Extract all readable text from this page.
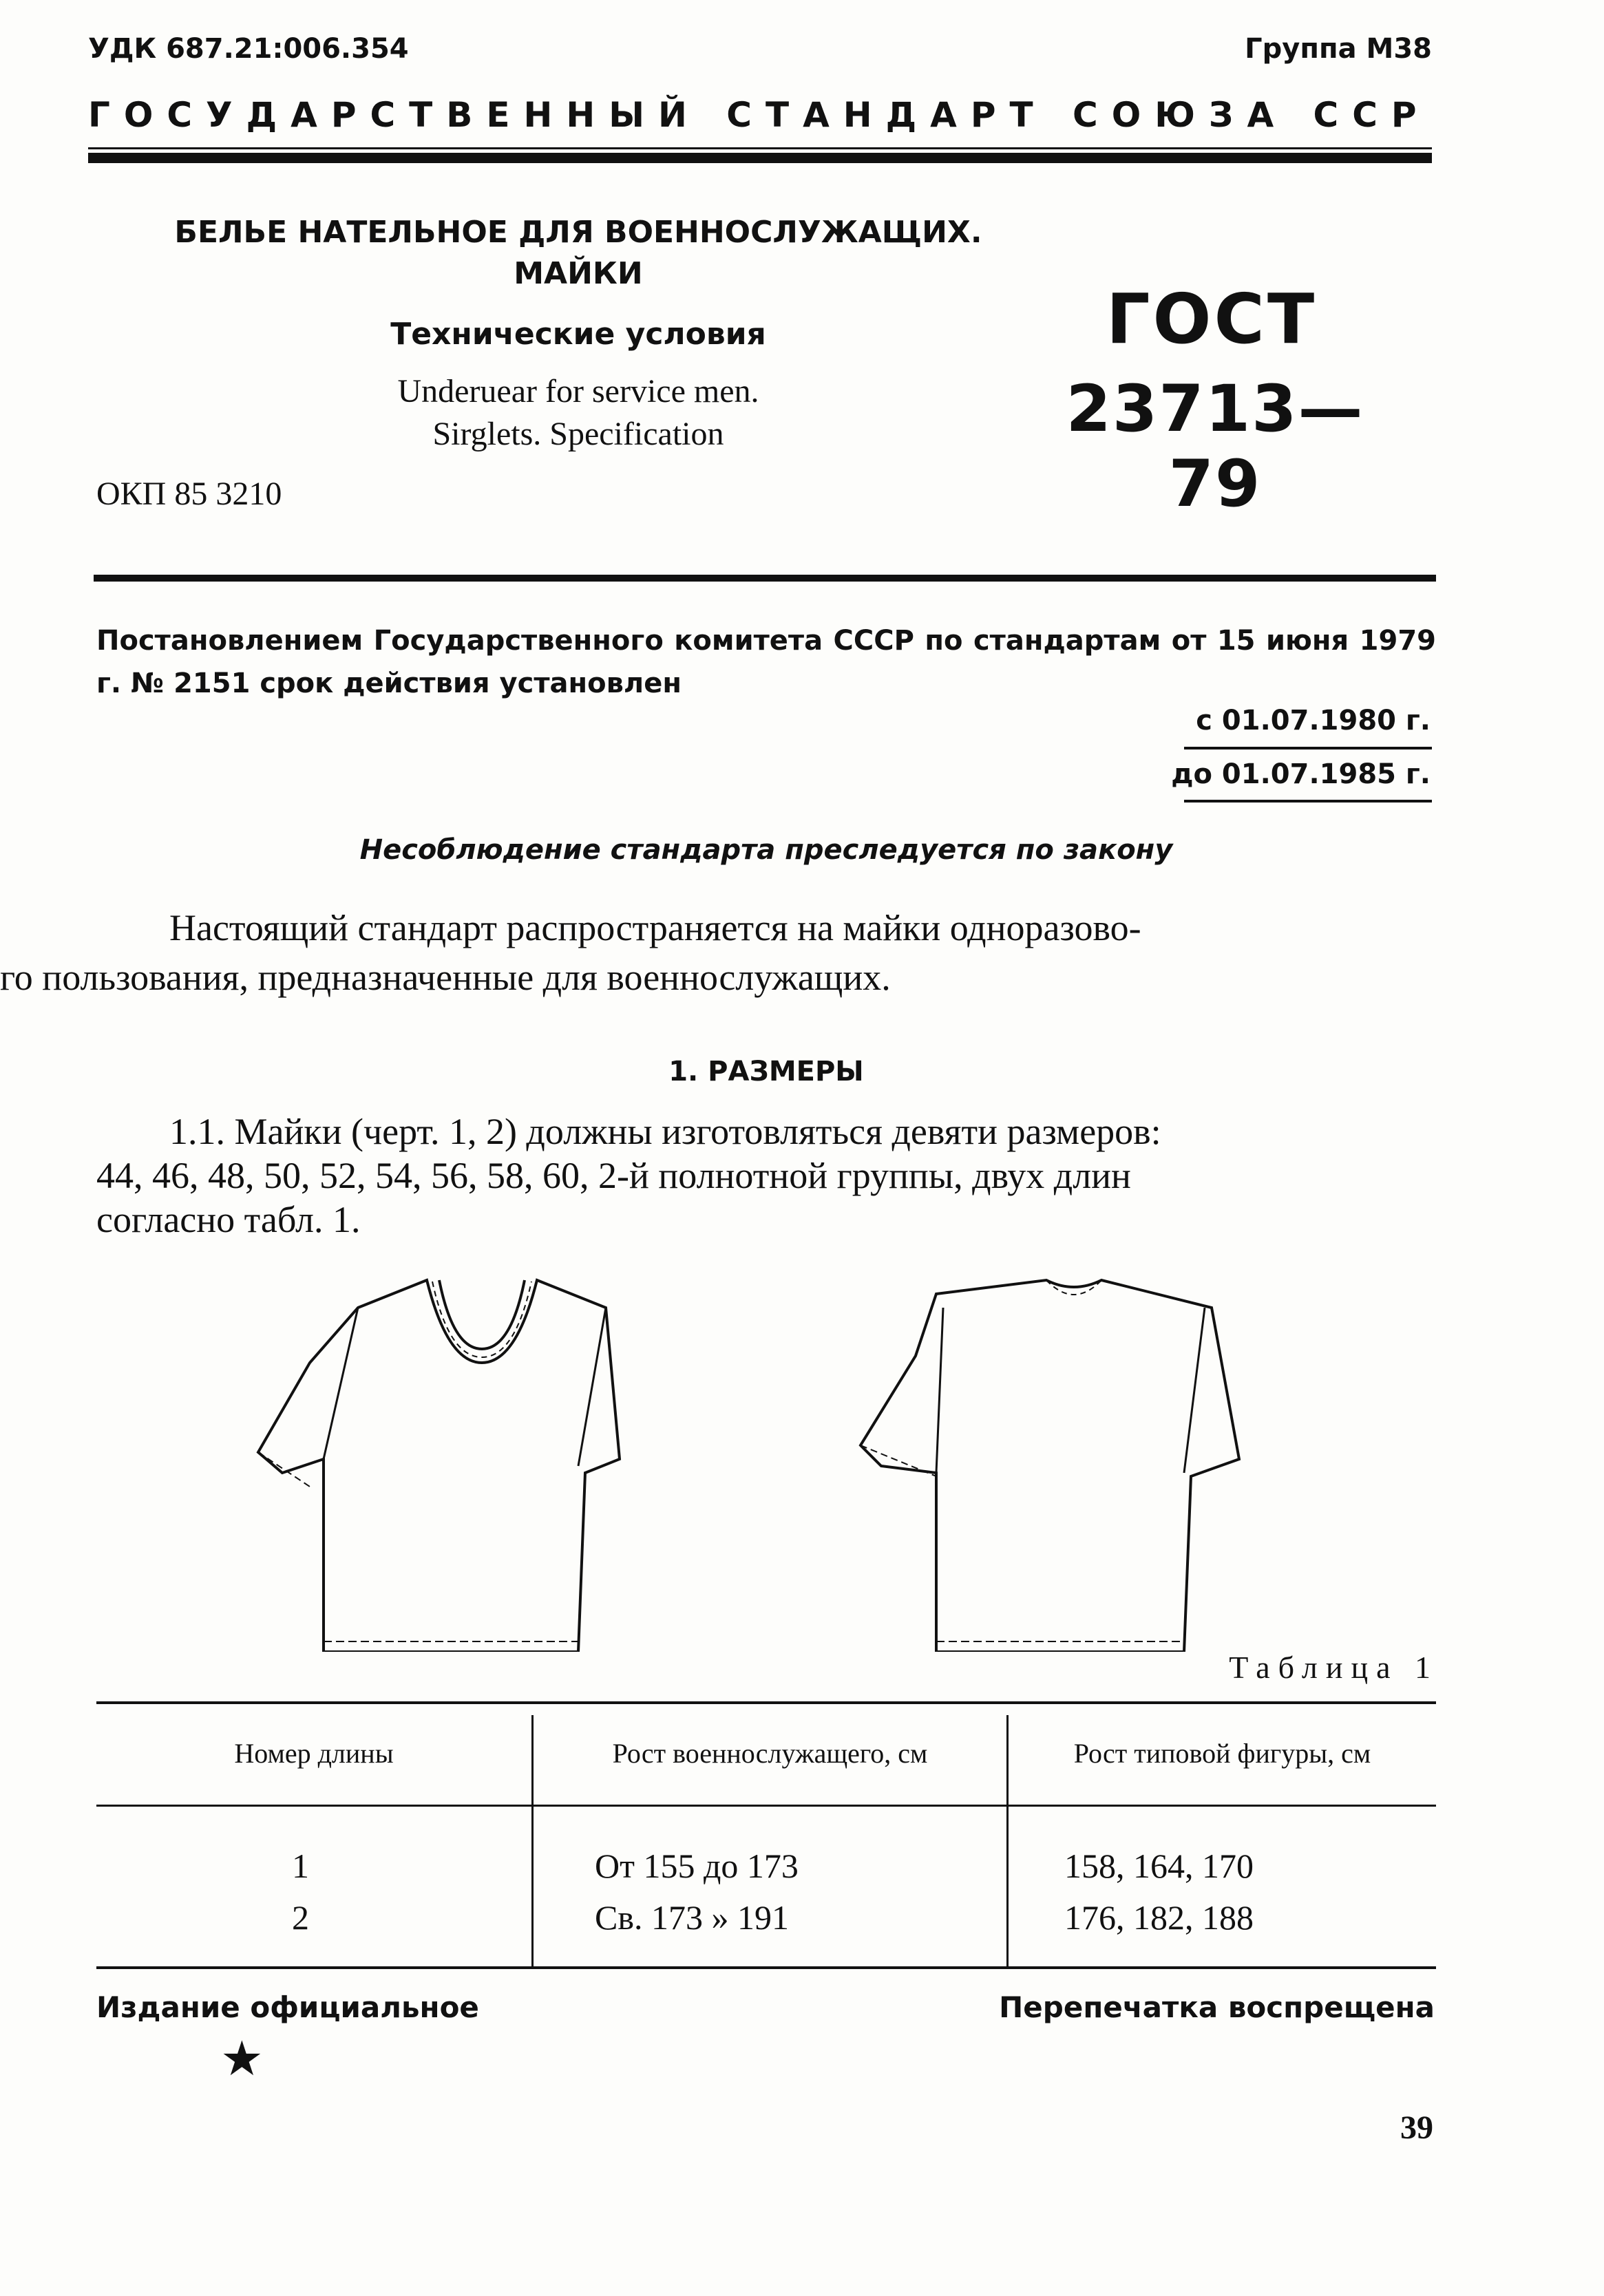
УДК 687.21:006.354	Группа М38
ГОСУДАРСТВЕННЫЙ СТАНДАРТ СОЮЗА ССР
БЕЛЬЕ НАТЕЛЬНОЕ ДЛЯ ВОЕННОСЛУЖАЩИХ.
МАЙКИ
Технические условия
Underuear for service men.
Sirglets. Specification
ОКП 85 3210
ГОСТ
23713—79
Постановлением Государственного комитета СССР по стандартам от 15 июня 1979 г. № 2151 срок действия установлен
с 01.07.1980 г.
до 01.07.1985 г.
Несоблюдение стандарта преследуется по закону
Настоящий стандарт распространяется на майки одноразово-
го пользования, предназначенные для военнослужащих.
1. РАЗМЕРЫ
1.1. Майки (черт. 1, 2) должны изготовляться девяти размеров:
44, 46, 48, 50, 52, 54, 56, 58, 60, 2-й полнотной группы, двух длин
согласно табл. 1.
Таблица 1
Номер длины	Рост военнослужащего, см	Рост типовой фигуры, см
1	От 155 до 173	158, 164, 170
2	Св. 173 » 191	176, 182, 188
Издание официальное
★
Перепечатка воспрещена
39
